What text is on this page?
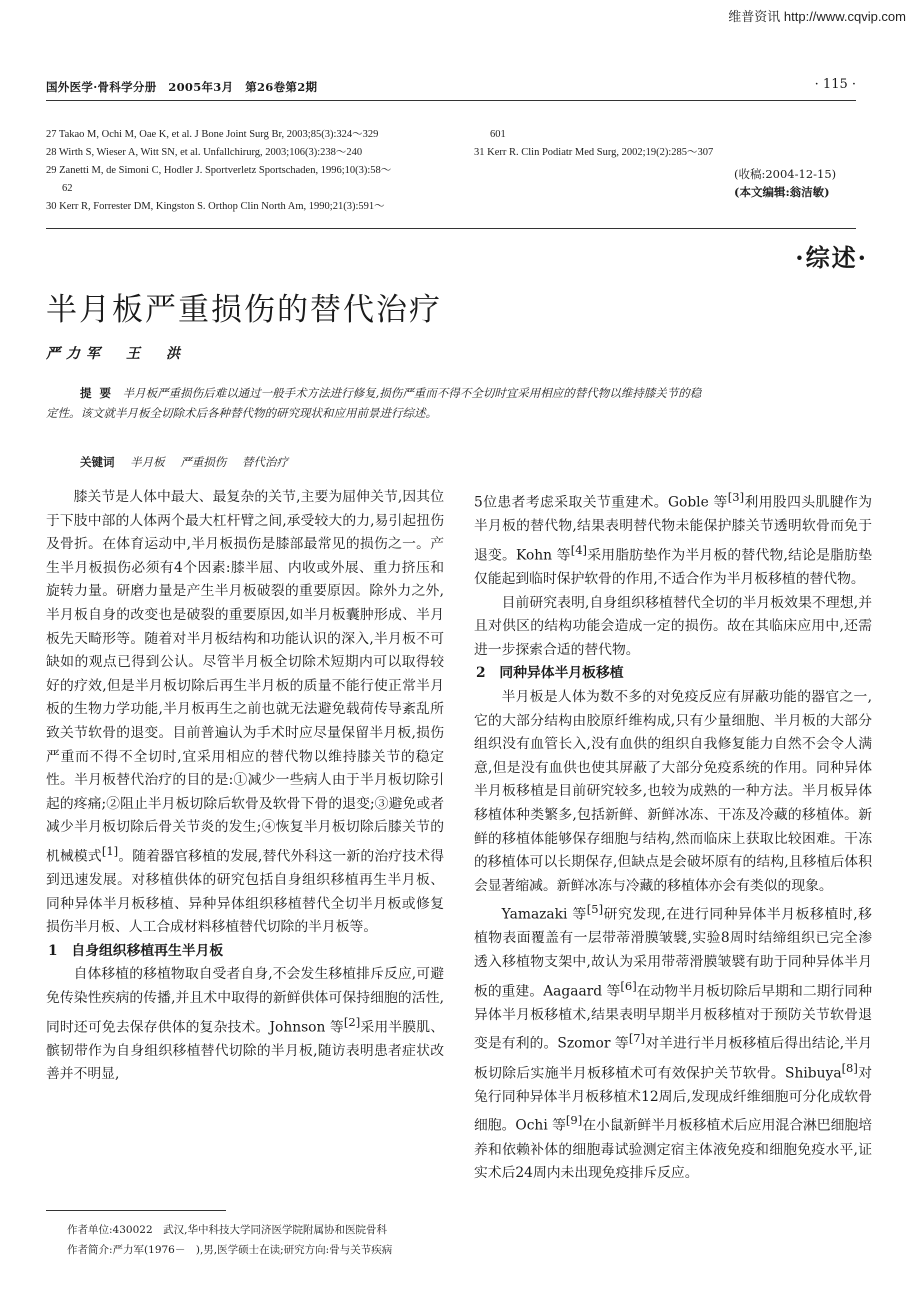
维普资讯 http://www.cqvip.com
国外医学·骨科学分册　2005年3月　第26卷第2期	· 115 ·
27 Takao M, Ochi M, Oae K, et al. J Bone Joint Surg Br, 2003;85(3):324～329
28 Wirth S, Wieser A, Witt SN, et al. Unfallchirurg, 2003;106(3):238～240
29 Zanetti M, de Simoni C, Hodler J. Sportverletz Sportschaden, 1996;10(3):58～
62
30 Kerr R, Forrester DM, Kingston S. Orthop Clin North Am, 1990;21(3):591～
601
31 Kerr R. Clin Podiatr Med Surg, 2002;19(2):285～307
(收稿:2004-12-15)
(本文编辑:翁洁敏)
·综述·
半月板严重损伤的替代治疗
严力军　王　洪
提要 半月板严重损伤后难以通过一般手术方法进行修复,损伤严重而不得不全切时宜采用相应的替代物以维持膝关节的稳定性。该文就半月板全切除术后各种替代物的研究现状和应用前景进行综述。
关键词 半月板 严重损伤 替代治疗

膝关节是人体中最大、最复杂的关节,主要为屈伸关节,因其位于下肢中部的人体两个最大杠杆臂之间,承受较大的力,易引起扭伤及骨折。在体育运动中,半月板损伤是膝部最常见的损伤之一。产生半月板损伤必须有4个因素:膝半屈、内收或外展、重力挤压和旋转力量。研磨力量是产生半月板破裂的重要原因。除外力之外,半月板自身的改变也是破裂的重要原因,如半月板囊肿形成、半月板先天畸形等。随着对半月板结构和功能认识的深入,半月板不可缺如的观点已得到公认。尽管半月板全切除术短期内可以取得较好的疗效,但是半月板切除后再生半月板的质量不能行使正常半月板的生物力学功能,半月板再生之前也就无法避免载荷传导紊乱所致关节软骨的退变。目前普遍认为手术时应尽量保留半月板,损伤严重而不得不全切时,宜采用相应的替代物以维持膝关节的稳定性。半月板替代治疗的目的是:①减少一些病人由于半月板切除引起的疼痛;②阻止半月板切除后软骨及软骨下骨的退变;③避免或者减少半月板切除后骨关节炎的发生;④恢复半月板切除后膝关节的机械模式[1]。随着器官移植的发展,替代外科这一新的治疗技术得到迅速发展。对移植供体的研究包括自身组织移植再生半月板、同种异体半月板移植、异种异体组织移植替代全切半月板或修复损伤半月板、人工合成材料移植替代切除的半月板等。

1　自身组织移植再生半月板

自体移植的移植物取自受者自身,不会发生移植排斥反应,可避免传染性疾病的传播,并且术中取得的新鲜供体可保持细胞的活性,同时还可免去保存供体的复杂技术。Johnson 等[2]采用半膜肌、髌韧带作为自身组织移植替代切除的半月板,随访表明患者症状改善并不明显,

5位患者考虑采取关节重建术。Goble 等[3]利用股四头肌腱作为半月板的替代物,结果表明替代物未能保护膝关节透明软骨而免于退变。Kohn 等[4]采用脂肪垫作为半月板的替代物,结论是脂肪垫仅能起到临时保护软骨的作用,不适合作为半月板移植的替代物。

目前研究表明,自身组织移植替代全切的半月板效果不理想,并且对供区的结构功能会造成一定的损伤。故在其临床应用中,还需进一步探索合适的替代物。

2　同种异体半月板移植

半月板是人体为数不多的对免疫反应有屏蔽功能的器官之一,它的大部分结构由胶原纤维构成,只有少量细胞、半月板的大部分组织没有血管长入,没有血供的组织自我修复能力自然不会令人满意,但是没有血供也使其屏蔽了大部分免疫系统的作用。同种异体半月板移植是目前研究较多,也较为成熟的一种方法。半月板异体移植体种类繁多,包括新鲜、新鲜冰冻、干冻及冷藏的移植体。新鲜的移植体能够保存细胞与结构,然而临床上获取比较困难。干冻的移植体可以长期保存,但缺点是会破坏原有的结构,且移植后体积会显著缩减。新鲜冰冻与冷藏的移植体亦会有类似的现象。

Yamazaki 等[5]研究发现,在进行同种异体半月板移植时,移植物表面覆盖有一层带蒂滑膜皱襞,实验8周时结缔组织已完全渗透入移植物支架中,故认为采用带蒂滑膜皱襞有助于同种异体半月板的重建。Aagaard 等[6]在动物半月板切除后早期和二期行同种异体半月板移植术,结果表明早期半月板移植对于预防关节软骨退变是有利的。Szomor 等[7]对羊进行半月板移植后得出结论,半月板切除后实施半月板移植术可有效保护关节软骨。Shibuya[8]对兔行同种异体半月板移植术12周后,发现成纤维细胞可分化成软骨细胞。Ochi 等[9]在小鼠新鲜半月板移植术后应用混合淋巴细胞培养和依赖补体的细胞毒试验测定宿主体液免疫和细胞免疫水平,证实术后24周内未出现免疫排斥反应。

作者单位:430022　武汉,华中科技大学同济医学院附属协和医院骨科

作者简介:严力军(1976－　),男,医学硕士在读;研究方向:骨与关节疾病
